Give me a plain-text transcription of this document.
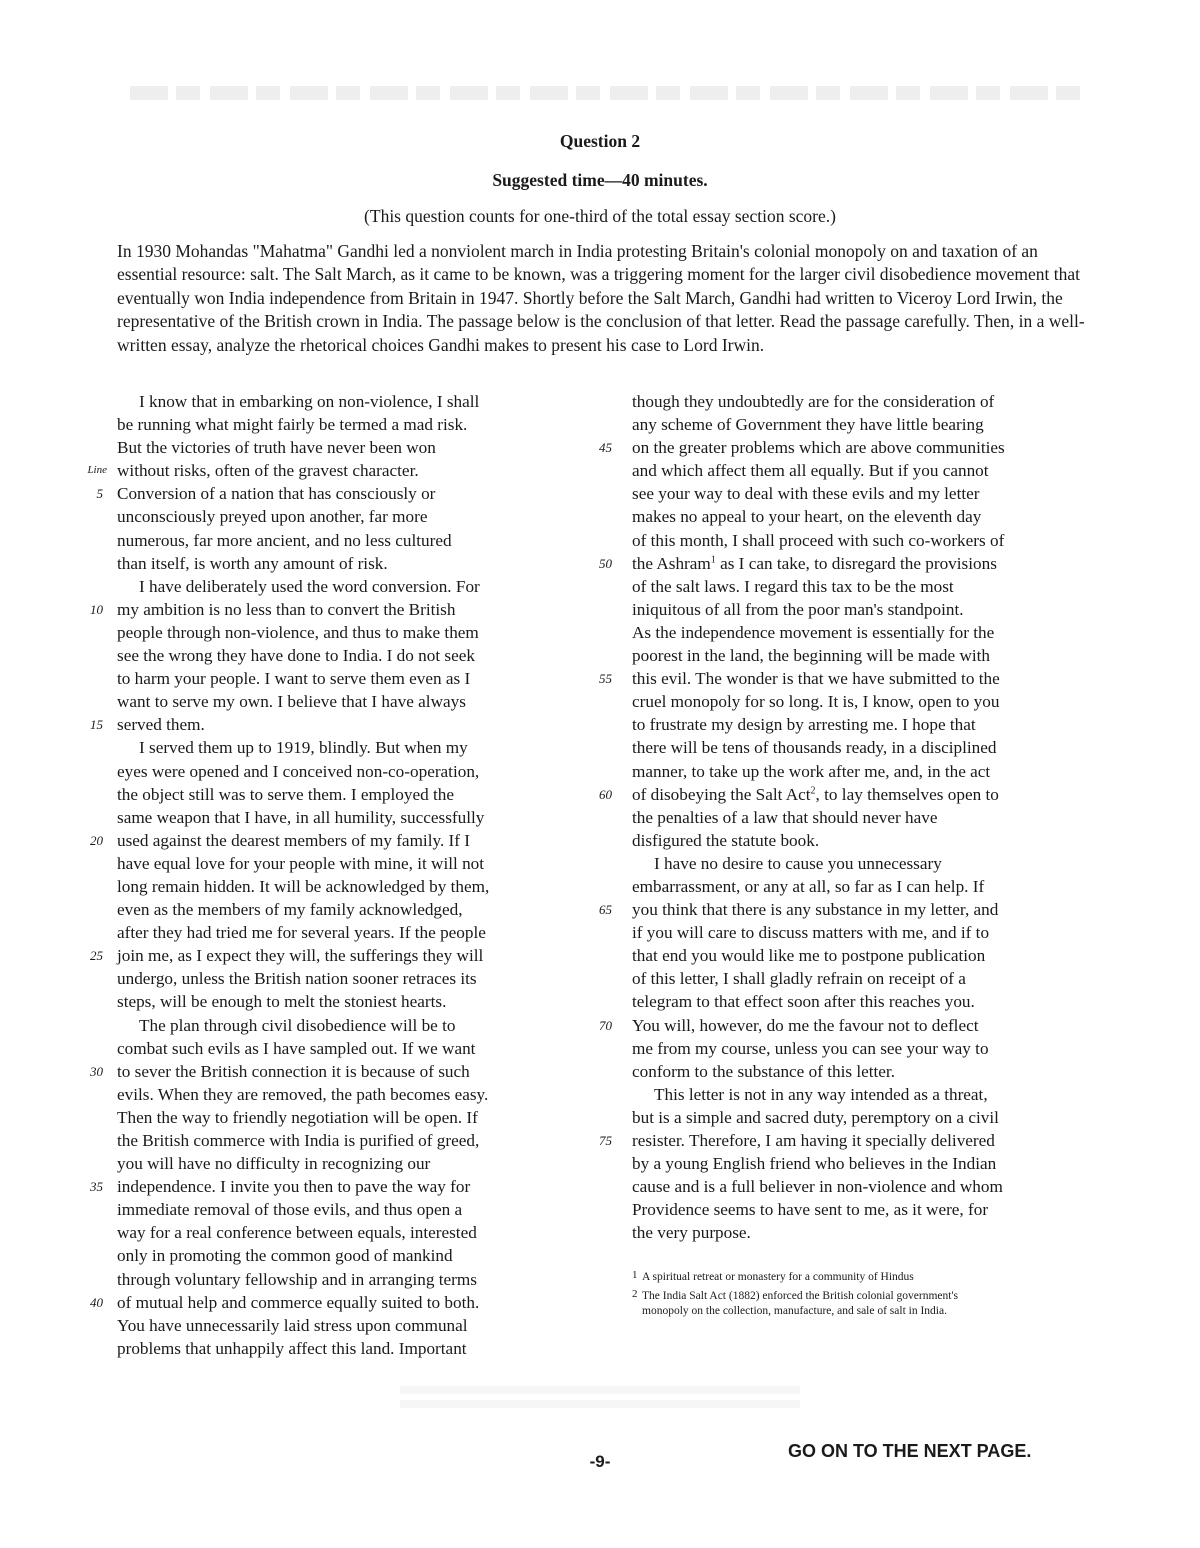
Question 2
Suggested time—40 minutes.
(This question counts for one-third of the total essay section score.)
In 1930 Mohandas "Mahatma" Gandhi led a nonviolent march in India protesting Britain's colonial monopoly on and taxation of an essential resource: salt. The Salt March, as it came to be known, was a triggering moment for the larger civil disobedience movement that eventually won India independence from Britain in 1947. Shortly before the Salt March, Gandhi had written to Viceroy Lord Irwin, the representative of the British crown in India. The passage below is the conclusion of that letter. Read the passage carefully. Then, in a well-written essay, analyze the rhetorical choices Gandhi makes to present his case to Lord Irwin.
I know that in embarking on non-violence, I shall
be running what might fairly be termed a mad risk.
But the victories of truth have never been won
Line without risks, often of the gravest character.
5 Conversion of a nation that has consciously or
unconsciously preyed upon another, far more
numerous, far more ancient, and no less cultured
than itself, is worth any amount of risk.
I have deliberately used the word conversion. For
10 my ambition is no less than to convert the British
people through non-violence, and thus to make them
see the wrong they have done to India. I do not seek
to harm your people. I want to serve them even as I
want to serve my own. I believe that I have always
15 served them.
I served them up to 1919, blindly. But when my
eyes were opened and I conceived non-co-operation,
the object still was to serve them. I employed the
same weapon that I have, in all humility, successfully
20 used against the dearest members of my family. If I
have equal love for your people with mine, it will not
long remain hidden. It will be acknowledged by them,
even as the members of my family acknowledged,
after they had tried me for several years. If the people
25 join me, as I expect they will, the sufferings they will
undergo, unless the British nation sooner retraces its
steps, will be enough to melt the stoniest hearts.
The plan through civil disobedience will be to
combat such evils as I have sampled out. If we want
30 to sever the British connection it is because of such
evils. When they are removed, the path becomes easy.
Then the way to friendly negotiation will be open. If
the British commerce with India is purified of greed,
you will have no difficulty in recognizing our
35 independence. I invite you then to pave the way for
immediate removal of those evils, and thus open a
way for a real conference between equals, interested
only in promoting the common good of mankind
through voluntary fellowship and in arranging terms
40 of mutual help and commerce equally suited to both.
You have unnecessarily laid stress upon communal
problems that unhappily affect this land. Important
though they undoubtedly are for the consideration of
any scheme of Government they have little bearing
45 on the greater problems which are above communities
and which affect them all equally. But if you cannot
see your way to deal with these evils and my letter
makes no appeal to your heart, on the eleventh day
of this month, I shall proceed with such co-workers of
50 the Ashram$^1$ as I can take, to disregard the provisions
of the salt laws. I regard this tax to be the most
iniquitous of all from the poor man's standpoint.
As the independence movement is essentially for the
poorest in the land, the beginning will be made with
55 this evil. The wonder is that we have submitted to the
cruel monopoly for so long. It is, I know, open to you
to frustrate my design by arresting me. I hope that
there will be tens of thousands ready, in a disciplined
manner, to take up the work after me, and, in the act
60 of disobeying the Salt Act$^2$, to lay themselves open to
the penalties of a law that should never have
disfigured the statute book.
I have no desire to cause you unnecessary
embarrassment, or any at all, so far as I can help. If
65 you think that there is any substance in my letter, and
if you will care to discuss matters with me, and if to
that end you would like me to postpone publication
of this letter, I shall gladly refrain on receipt of a
telegram to that effect soon after this reaches you.
70 You will, however, do me the favour not to deflect
me from my course, unless you can see your way to
conform to the substance of this letter.
This letter is not in any way intended as a threat,
but is a simple and sacred duty, peremptory on a civil
75 resister. Therefore, I am having it specially delivered
by a young English friend who believes in the Indian
cause and is a full believer in non-violence and whom
Providence seems to have sent to me, as it were, for
the very purpose.
1 A spiritual retreat or monastery for a community of Hindus
2 The India Salt Act (1882) enforced the British colonial government's
monopoly on the collection, manufacture, and sale of salt in India.
-9-
GO ON TO THE NEXT PAGE.
